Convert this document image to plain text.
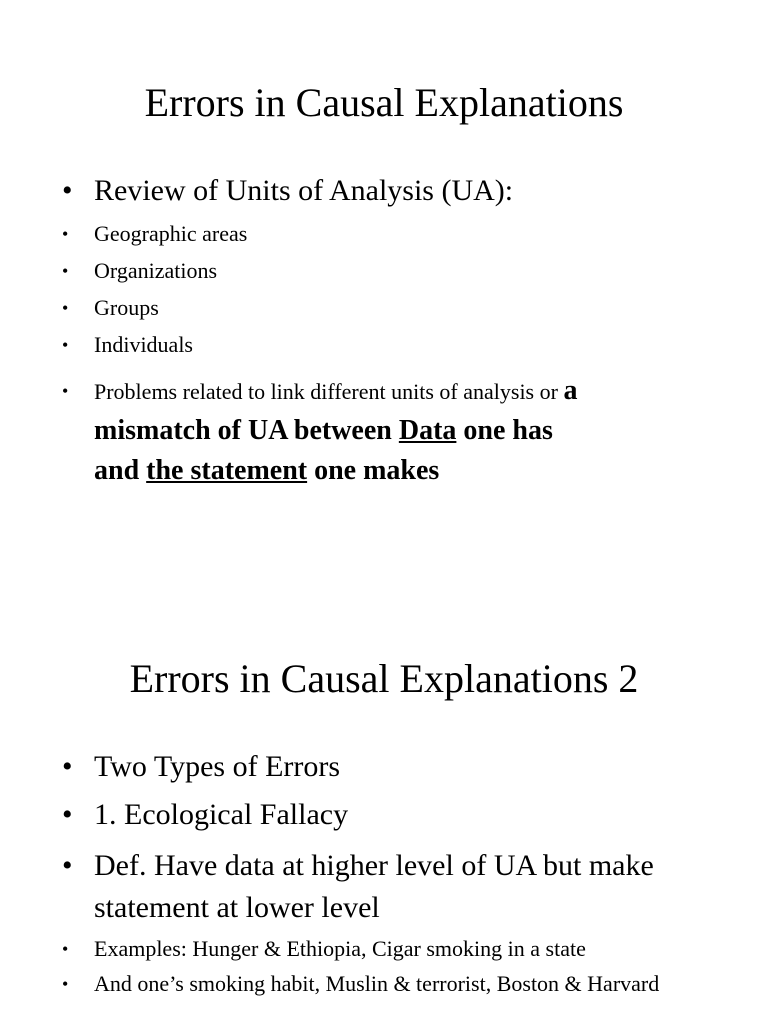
Errors in Causal Explanations
• Review of Units of Analysis (UA):
•	Geographic areas
•	Organizations
•	Groups
•	Individuals
•	Problems related to link different units of analysis or a
mismatch of UA between Data one has
and the statement one makes
Errors in Causal Explanations 2
• Two Types of Errors
• 1. Ecological Fallacy
• Def. Have data at higher level of UA but make statement at lower level
•	Examples: Hunger & Ethiopia, Cigar smoking in a state
•	And one’s smoking habit, Muslin & terrorist, Boston & Harvard
